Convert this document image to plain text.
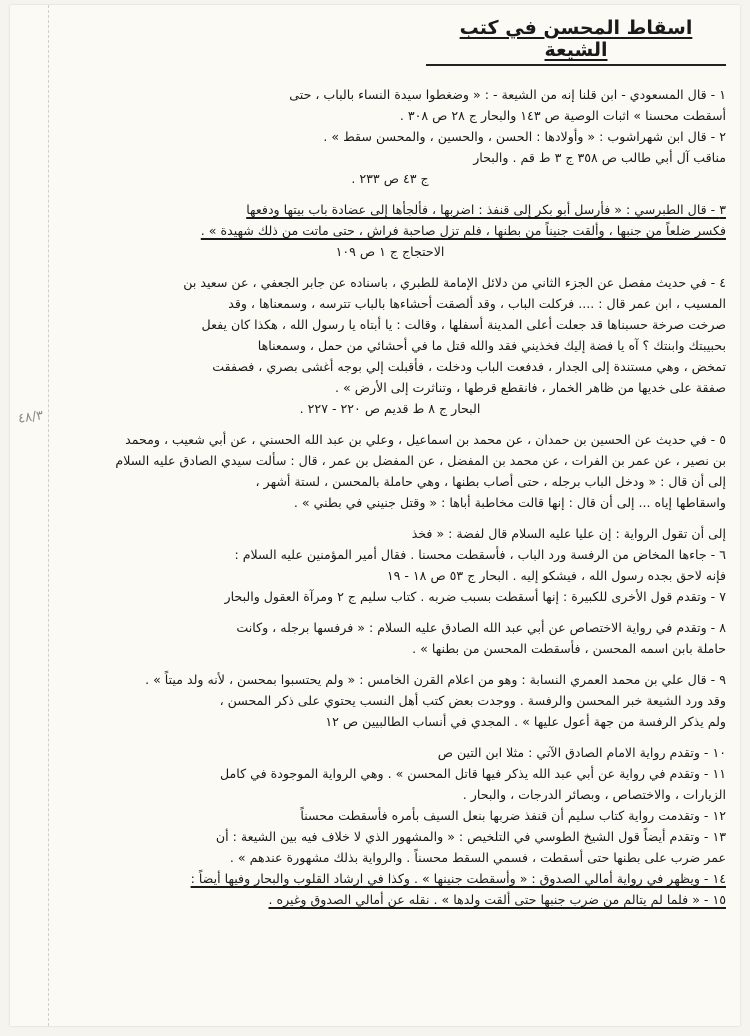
٤٨/٣
اسقاط المحسن في كتب الشيعة
١ - قال المسعودي - ابن قلنا إنه من الشيعة - : « وضغطوا سيدة النساء بالباب ، حتى
أسقطت محسنا » اثبات الوصية ص ١٤٣ والبحار ج ٢٨ ص ٣٠٨ .
٢ - قال ابن شهراشوب : « وأولادها : الحسن ، والحسين ، والمحسن سقط » .
مناقب آل أبي طالب ص ٣٥٨ ج ٣ ط قم . والبحار
ج ٤٣ ص ٢٣٣ .
٣ - قال الطبرسي : « فأرسل أبو بكر إلى قنفذ : اضربها ، فألجأها إلى عضادة باب بيتها ودفعها
فكسر ضلعاً من جنبها ، وألقت جنيناً من بطنها ، فلم تزل صاحبة فراش ، حتى ماتت من ذلك شهيدة » .
الاحتجاج ج ١ ص ١٠٩
٤ - في حديث مفصل عن الجزء الثاني من دلائل الإمامة للطبري ، باسناده عن جابر الجعفي ، عن سعيد بن
المسيب ، ابن عمر قال : .... فركلت الباب ، وقد ألصقت أحشاءها بالباب تترسه ، وسمعناها ، وقد
صرخت صرخة حسبناها قد جعلت أعلى المدينة أسفلها ، وقالت : يا أبتاه يا رسول الله ، هكذا كان يفعل
بحبيبتك وابنتك ؟ آه يا فضة إليك فخذيني فقد والله قتل ما في أحشائي من حمل ، وسمعناها
تمخض ، وهي مستندة إلى الجدار ، فدفعت الباب ودخلت ، فأقبلت إلي بوجه أغشى بصري ، فصفقت
صفقة على خديها من ظاهر الخمار ، فانقطع قرطها ، وتناثرت إلى الأرض » .
البحار ج ٨ ط قديم ص ٢٢٠ - ٢٢٧ .
٥ - في حديث عن الحسين بن حمدان ، عن محمد بن اسماعيل ، وعلي بن عبد الله الحسني ، عن أبي شعيب ، ومحمد
بن نصير ، عن عمر بن الفرات ، عن محمد بن المفضل ، عن المفضل بن عمر ، قال : سألت سيدي الصادق عليه السلام
إلى أن قال : « ودخل الباب برجله ، حتى أصاب بطنها ، وهي حاملة بالمحسن ، لستة أشهر ،
واسقاطها إياه ... إلى أن قال : إنها قالت مخاطبة أباها : « وقتل جنيني في بطني » .
إلى أن تقول الرواية : إن عليا عليه السلام قال لفضة : « فخذ
٦ - جاءها المخاض من الرفسة ورد الباب ، فأسقطت محسنا . فقال أمير المؤمنين عليه السلام :
فإنه لاحق بجده رسول الله ، فيشكو إليه . البحار ج ٥٣ ص ١٨ - ١٩
٧ - وتقدم قول الأخرى للكبيرة : إنها أسقطت بسبب ضربه . كتاب سليم ج ٢ ومرآة العقول والبحار
٨ - وتقدم في رواية الاختصاص عن أبي عبد الله الصادق عليه السلام : « فرفسها برجله ، وكانت
حاملة بابن اسمه المحسن ، فأسقطت المحسن من بطنها » .
٩ - قال علي بن محمد العمري النسابة : وهو من اعلام القرن الخامس : « ولم يحتسبوا بمحسن ، لأنه ولد ميتاً » .
وقد ورد الشيعة خبر المحسن والرفسة . ووجدت بعض كتب أهل النسب يحتوي على ذكر المحسن ،
ولم يذكر الرفسة من جهة أعول عليها » . المجدي في أنساب الطالبيين ص ١٢
١٠ - وتقدم رواية الامام الصادق الآتي : مثلا ابن التين ص
١١ - وتقدم في رواية عن أبي عبد الله يذكر فيها قاتل المحسن » . وهي الرواية الموجودة في كامل
الزيارات ، والاختصاص ، وبصائر الدرجات ، والبحار .
١٢ - وتقدمت رواية كتاب سليم أن قنفذ ضربها بنعل السيف بأمره فأسقطت محسناً
١٣ - وتقدم أيضاً قول الشيخ الطوسي في التلخيص : « والمشهور الذي لا خلاف فيه بين الشيعة : أن
عمر ضرب على بطنها حتى أسقطت ، فسمي السقط محسناً . والرواية بذلك مشهورة عندهم » .
١٤ - ويظهر في رواية أمالي الصدوق : « وأسقطت جنينها » . وكذا في ارشاد القلوب والبحار وفيها أيضاً :
١٥ - « فلما لم يتالم من ضرب جنبها حتى ألقت ولدها » . نقله عن أمالي الصدوق وغيره .
